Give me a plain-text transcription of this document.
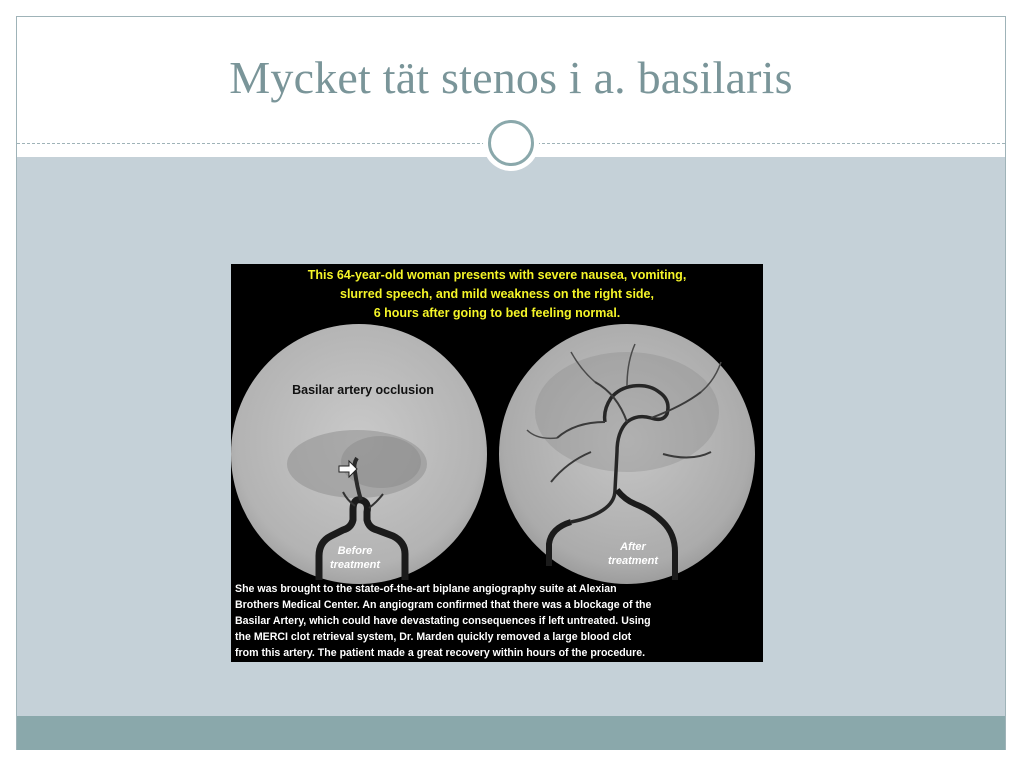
Mycket tät stenos i a. basilaris
This 64-year-old woman presents with severe nausea, vomiting,
slurred speech, and mild weakness on the right side,
6 hours after going to bed feeling normal.
Basilar artery occlusion
Before
treatment
After
treatment
She was brought to the state-of-the-art biplane angiography suite at Alexian
Brothers Medical Center. An angiogram confirmed that there was a blockage of the
Basilar Artery, which could have devastating consequences if left untreated. Using
the MERCI clot retrieval system, Dr. Marden quickly removed a large blood clot
from this artery. The patient made a great recovery within hours of the procedure.
